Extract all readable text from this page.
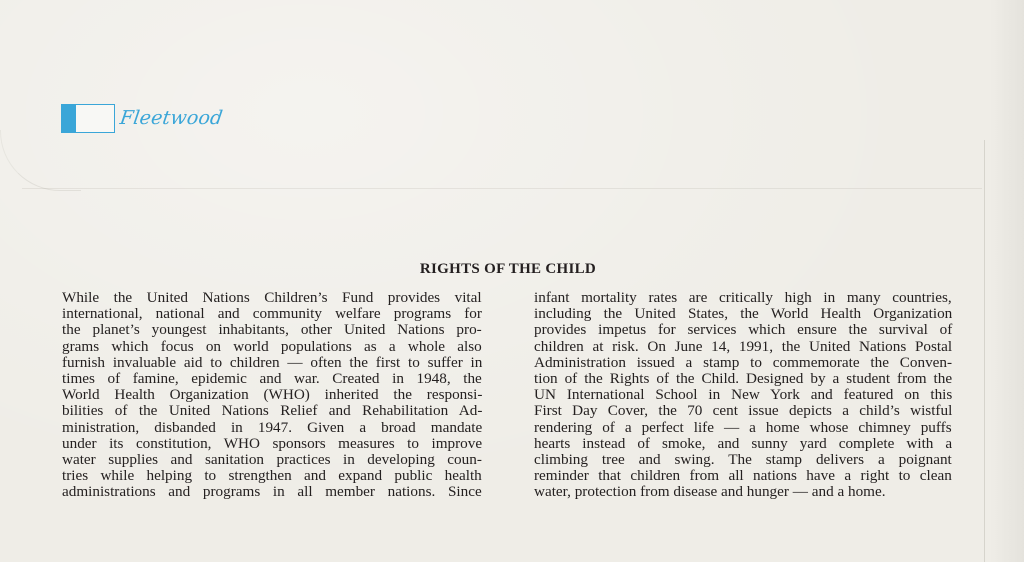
Fleetwood
RIGHTS OF THE CHILD
While the United Nations Children’s Fund provides vital
international, national and community welfare programs for
the planet’s youngest inhabitants, other United Nations pro-
grams which focus on world populations as a whole also
furnish invaluable aid to children — often the first to suffer in
times of famine, epidemic and war. Created in 1948, the
World Health Organization (WHO) inherited the responsi-
bilities of the United Nations Relief and Rehabilitation Ad-
ministration, disbanded in 1947. Given a broad mandate
under its constitution, WHO sponsors measures to improve
water supplies and sanitation practices in developing coun-
tries while helping to strengthen and expand public health
administrations and programs in all member nations. Since
infant mortality rates are critically high in many countries,
including the United States, the World Health Organization
provides impetus for services which ensure the survival of
children at risk. On June 14, 1991, the United Nations Postal
Administration issued a stamp to commemorate the Conven-
tion of the Rights of the Child. Designed by a student from the
UN International School in New York and featured on this
First Day Cover, the 70 cent issue depicts a child’s wistful
rendering of a perfect life — a home whose chimney puffs
hearts instead of smoke, and sunny yard complete with a
climbing tree and swing. The stamp delivers a poignant
reminder that children from all nations have a right to clean
water, protection from disease and hunger — and a home.
